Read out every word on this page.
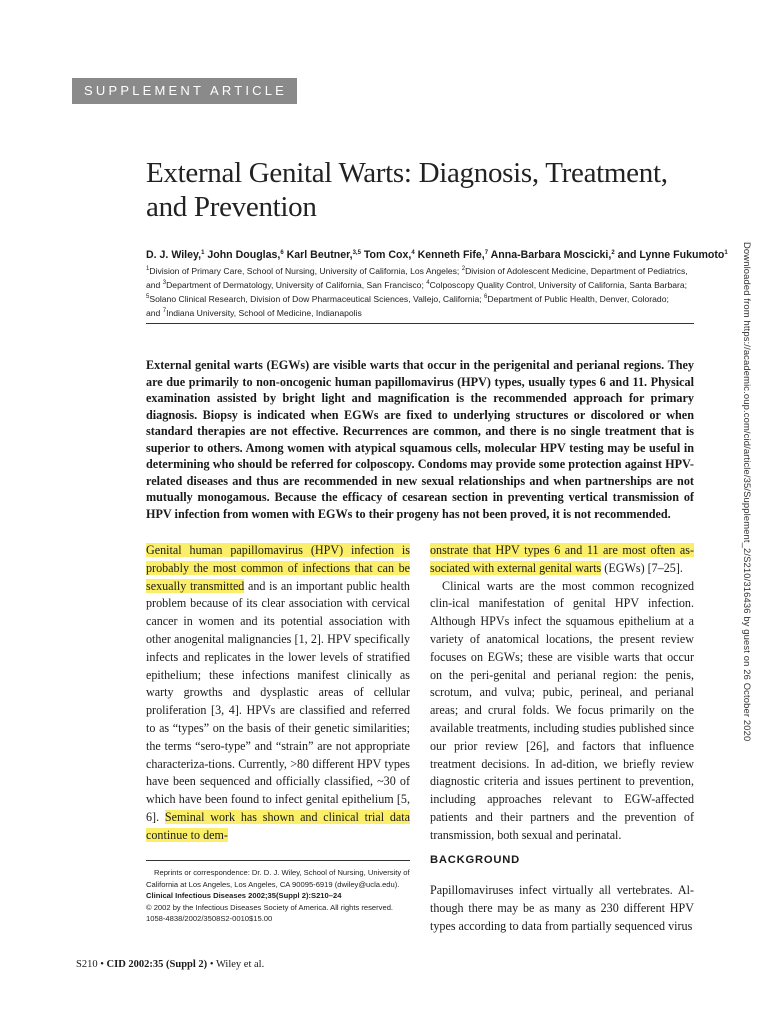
SUPPLEMENT ARTICLE
External Genital Warts: Diagnosis, Treatment,
and Prevention
D. J. Wiley,$^1$ John Douglas,$^6$ Karl Beutner,$^{3,5}$ Tom Cox,$^4$ Kenneth Fife,$^7$ Anna-Barbara Moscicki,$^2$ and Lynne Fukumoto$^1$
$^1$Division of Primary Care, School of Nursing, University of California, Los Angeles; $^2$Division of Adolescent Medicine, Department of Pediatrics,
and $^3$Department of Dermatology, University of California, San Francisco; $^4$Colposcopy Quality Control, University of California, Santa Barbara;
$^5$Solano Clinical Research, Division of Dow Pharmaceutical Sciences, Vallejo, California; $^6$Department of Public Health, Denver, Colorado;
and $^7$Indiana University, School of Medicine, Indianapolis
External genital warts (EGWs) are visible warts that occur in the perigenital and perianal regions. They are due primarily to non-oncogenic human papillomavirus (HPV) types, usually types 6 and 11. Physical examination assisted by bright light and magnification is the recommended approach for primary diagnosis. Biopsy is indicated when EGWs are fixed to underlying structures or discolored or when standard therapies are not effective. Recurrences are common, and there is no single treatment that is superior to others. Among women with atypical squamous cells, molecular HPV testing may be useful in determining who should be referred for colposcopy. Condoms may provide some protection against HPV-related diseases and thus are recommended in new sexual relationships and when partnerships are not mutually monogamous. Because the efficacy of cesarean section in preventing vertical transmission of HPV infection from women with EGWs to their progeny has not been proved, it is not recommended.

Genital human papillomavirus (HPV) infection is probably the most common of infections that can be sexually transmitted and is an important public health problem because of its clear association with cervical cancer in women and its potential association with other anogenital malignancies [1, 2]. HPV specifically infects and replicates in the lower levels of stratified epithelium; these infections manifest clinically as warty growths and dysplastic areas of cellular proliferation [3, 4]. HPVs are classified and referred to as “types” on the basis of their genetic similarities; the terms “sero-type” and “strain” are not appropriate characteriza-tions. Currently, >80 different HPV types have been sequenced and officially classified, ~30 of which have been found to infect genital epithelium [5, 6]. Seminal work has shown and clinical trial data continue to dem-

onstrate that HPV types 6 and 11 are most often as-sociated with external genital warts (EGWs) [7–25].

Clinical warts are the most common recognized clin-ical manifestation of genital HPV infection. Although HPVs infect the squamous epithelium at a variety of anatomical locations, the present review focuses on EGWs; these are visible warts that occur on the peri-genital and perianal region: the penis, scrotum, and vulva; pubic, perineal, and perianal areas; and crural folds. We focus primarily on the available treatments, including studies published since our prior review [26], and factors that influence treatment decisions. In ad-dition, we briefly review diagnostic criteria and issues pertinent to prevention, including approaches relevant to EGW-affected patients and their partners and the prevention of transmission, both sexual and perinatal.

Reprints or correspondence: Dr. D. J. Wiley, School of Nursing, University of
California at Los Angeles, Los Angeles, CA 90095-6919 (dwiley@ucla.edu).
Clinical Infectious Diseases 2002;35(Suppl 2):S210–24
© 2002 by the Infectious Diseases Society of America. All rights reserved.
1058-4838/2002/3508S2-0010$15.00
BACKGROUND

Papillomaviruses infect virtually all vertebrates. Al-though there may be as many as 230 different HPV types according to data from partially sequenced virus

S210 • CID 2002:35 (Suppl 2) • Wiley et al.
Downloaded from https://academic.oup.com/cid/article/35/Supplement_2/S210/316436 by guest on 26 October 2020
